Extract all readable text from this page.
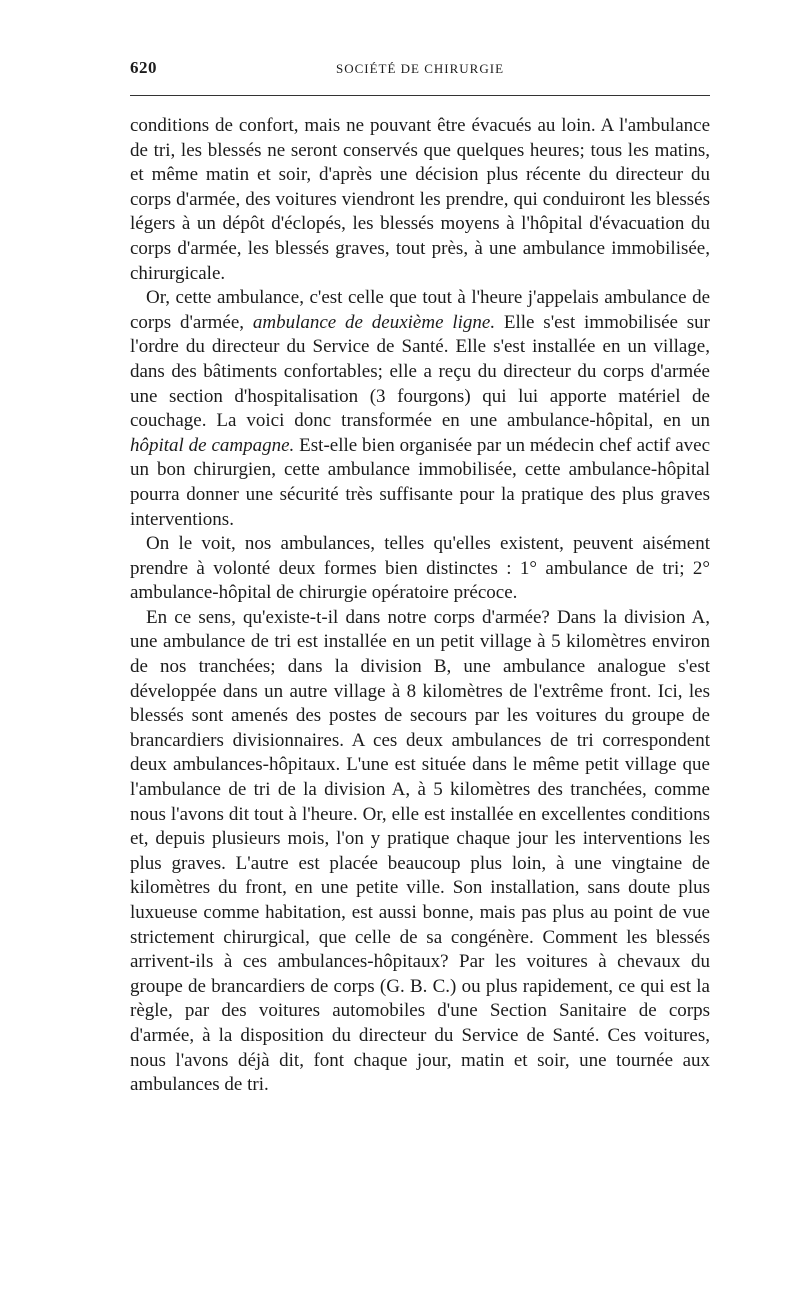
620	SOCIÉTÉ DE CHIRURGIE

conditions de confort, mais ne pouvant être évacués au loin. A l'ambulance de tri, les blessés ne seront conservés que quelques heures; tous les matins, et même matin et soir, d'après une décision plus récente du directeur du corps d'armée, des voitures viendront les prendre, qui conduiront les blessés légers à un dépôt d'éclopés, les blessés moyens à l'hôpital d'évacuation du corps d'armée, les blessés graves, tout près, à une ambulance immobilisée, chirurgicale.

Or, cette ambulance, c'est celle que tout à l'heure j'appelais ambulance de corps d'armée, ambulance de deuxième ligne. Elle s'est immobilisée sur l'ordre du directeur du Service de Santé. Elle s'est installée en un village, dans des bâtiments confortables; elle a reçu du directeur du corps d'armée une section d'hospitalisation (3 fourgons) qui lui apporte matériel de couchage. La voici donc transformée en une ambulance-hôpital, en un hôpital de campagne. Est-elle bien organisée par un médecin chef actif avec un bon chirurgien, cette ambulance immobilisée, cette ambulance-hôpital pourra donner une sécurité très suffisante pour la pratique des plus graves interventions.

On le voit, nos ambulances, telles qu'elles existent, peuvent aisément prendre à volonté deux formes bien distinctes : 1° ambulance de tri; 2° ambulance-hôpital de chirurgie opératoire précoce.

En ce sens, qu'existe-t-il dans notre corps d'armée? Dans la division A, une ambulance de tri est installée en un petit village à 5 kilomètres environ de nos tranchées; dans la division B, une ambulance analogue s'est développée dans un autre village à 8 kilomètres de l'extrême front. Ici, les blessés sont amenés des postes de secours par les voitures du groupe de brancardiers divisionnaires. A ces deux ambulances de tri correspondent deux ambulances-hôpitaux. L'une est située dans le même petit village que l'ambulance de tri de la division A, à 5 kilomètres des tranchées, comme nous l'avons dit tout à l'heure. Or, elle est installée en excellentes conditions et, depuis plusieurs mois, l'on y pratique chaque jour les interventions les plus graves. L'autre est placée beaucoup plus loin, à une vingtaine de kilomètres du front, en une petite ville. Son installation, sans doute plus luxueuse comme habitation, est aussi bonne, mais pas plus au point de vue strictement chirurgical, que celle de sa congénère. Comment les blessés arrivent-ils à ces ambulances-hôpitaux? Par les voitures à chevaux du groupe de brancardiers de corps (G. B. C.) ou plus rapidement, ce qui est la règle, par des voitures automobiles d'une Section Sanitaire de corps d'armée, à la disposition du directeur du Service de Santé. Ces voitures, nous l'avons déjà dit, font chaque jour, matin et soir, une tournée aux ambulances de tri.
